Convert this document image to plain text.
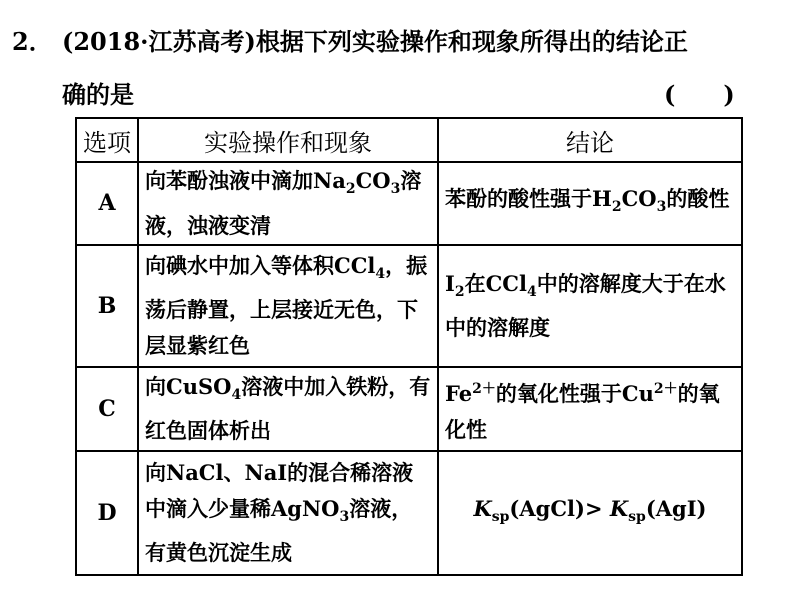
2． (2018·江苏高考)根据下列实验操作和现象所得出的结论正
确的是	(　　)
选项	实验操作和现象	结论
A	向苯酚浊液中滴加$Na_2CO_3$溶液，浊液变清	苯酚的酸性强于$H_2CO_3$的酸性
B	向碘水中加入等体积CCl$_4$，振荡后静置，上层接近无色，下层显紫红色	$I_2$在CCl$_4$中的溶解度大于在水中的溶解度
C	向CuSO$_4$溶液中加入铁粉，有红色固体析出	$Fe^{2+}$的氧化性强于$Cu^{2+}$的氧化性
D	向NaCl、NaI的混合稀溶液中滴入少量稀AgNO$_3$溶液，有黄色沉淀生成	$K_{sp}(AgCl)> K_{sp}(AgI)$
